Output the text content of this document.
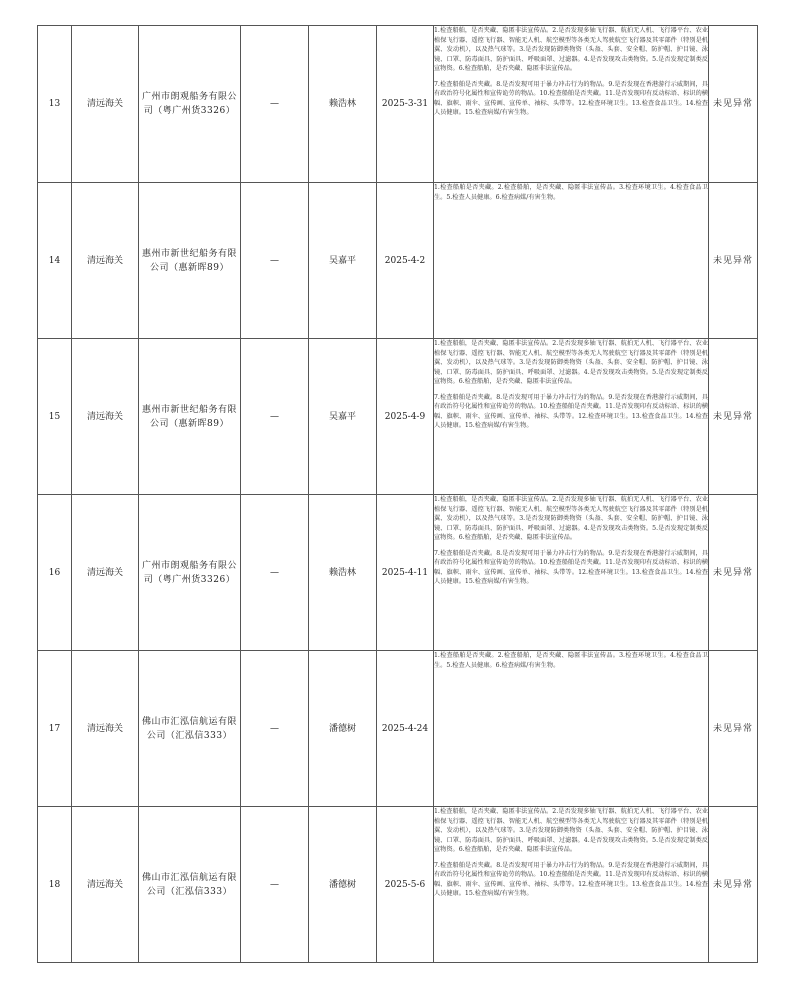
13	清远海关	广州市朗观船务有限公司（粤广州货3326）	—	赖浩林	2025-3-31	1.检查船舶，是否夹藏、隐匿非法宣传品。2.是否发现多轴飞行器、航拍无人机、飞行器平台、农业植保飞行器、遥控飞行器、智能无人机、航空模型等各类无人驾驶航空飞行器及其零部件（特别是机翼、发动机），以及热气球等。3.是否发现防御类物资（头盔、头套、安全帽、防护帽、护目镜、泳镜、口罩、防毒面具、防护面具、呼吸面罩、过滤器。4.是否发现攻击类物资。5.是否发现定制类反宣物资。6.检查船舶，是否夹藏、隐匿非法宣传品。
7.检查船舶是否夹藏。8.是否发现可用于暴力冲击行为的物品。9.是否发现在香港游行示威期间，具有政治符号化属性和宣传诡劳的物品。10.检查船舶是否夹藏。11.是否发现印有反动标语、标识的横幅、旗帜、雨伞、宣传画、宣传单、袖标、头带等。12.检查环境卫生。13.检查食品卫生。14.检查人员健康。15.检查病媒/有害生物。	未见异常
14	清远海关	惠州市新世纪船务有限公司（惠新晖89）	—	吴嘉平	2025-4-2	1.检查船舶是否夹藏。2.检查船舶，是否夹藏、隐匿非法宣传品。3.检查环境卫生。4.检查食品卫生。5.检查人员健康。6.检查病媒/有害生物。	未见异常
15	清远海关	惠州市新世纪船务有限公司（惠新晖89）	—	吴嘉平	2025-4-9	1.检查船舶，是否夹藏、隐匿非法宣传品。2.是否发现多轴飞行器、航拍无人机、飞行器平台、农业植保飞行器、遥控飞行器、智能无人机、航空模型等各类无人驾驶航空飞行器及其零部件（特别是机翼、发动机），以及热气球等。3.是否发现防御类物资（头盔、头套、安全帽、防护帽、护目镜、泳镜、口罩、防毒面具、防护面具、呼吸面罩、过滤器。4.是否发现攻击类物资。5.是否发现定制类反宣物资。6.检查船舶，是否夹藏、隐匿非法宣传品。
7.检查船舶是否夹藏。8.是否发现可用于暴力冲击行为的物品。9.是否发现在香港游行示威期间，具有政治符号化属性和宣传诡劳的物品。10.检查船舶是否夹藏。11.是否发现印有反动标语、标识的横幅、旗帜、雨伞、宣传画、宣传单、袖标、头带等。12.检查环境卫生。13.检查食品卫生。14.检查人员健康。15.检查病媒/有害生物。	未见异常
16	清远海关	广州市朗观船务有限公司（粤广州货3326）	—	赖浩林	2025-4-11	1.检查船舶，是否夹藏、隐匿非法宣传品。2.是否发现多轴飞行器、航拍无人机、飞行器平台、农业植保飞行器、遥控飞行器、智能无人机、航空模型等各类无人驾驶航空飞行器及其零部件（特别是机翼、发动机），以及热气球等。3.是否发现防御类物资（头盔、头套、安全帽、防护帽、护目镜、泳镜、口罩、防毒面具、防护面具、呼吸面罩、过滤器。4.是否发现攻击类物资。5.是否发现定制类反宣物资。6.检查船舶，是否夹藏、隐匿非法宣传品。
7.检查船舶是否夹藏。8.是否发现可用于暴力冲击行为的物品。9.是否发现在香港游行示威期间，具有政治符号化属性和宣传诡劳的物品。10.检查船舶是否夹藏。11.是否发现印有反动标语、标识的横幅、旗帜、雨伞、宣传画、宣传单、袖标、头带等。12.检查环境卫生。13.检查食品卫生。14.检查人员健康。15.检查病媒/有害生物。	未见异常
17	清远海关	佛山市汇泓信航运有限公司（汇泓信333）	—	潘德树	2025-4-24	1.检查船舶是否夹藏。2.检查船舶，是否夹藏、隐匿非法宣传品。3.检查环境卫生。4.检查食品卫生。5.检查人员健康。6.检查病媒/有害生物。	未见异常
18	清远海关	佛山市汇泓信航运有限公司（汇泓信333）	—	潘德树	2025-5-6	1.检查船舶，是否夹藏、隐匿非法宣传品。2.是否发现多轴飞行器、航拍无人机、飞行器平台、农业植保飞行器、遥控飞行器、智能无人机、航空模型等各类无人驾驶航空飞行器及其零部件（特别是机翼、发动机），以及热气球等。3.是否发现防御类物资（头盔、头套、安全帽、防护帽、护目镜、泳镜、口罩、防毒面具、防护面具、呼吸面罩、过滤器。4.是否发现攻击类物资。5.是否发现定制类反宣物资。6.检查船舶，是否夹藏、隐匿非法宣传品。
7.检查船舶是否夹藏。8.是否发现可用于暴力冲击行为的物品。9.是否发现在香港游行示威期间，具有政治符号化属性和宣传诡劳的物品。10.检查船舶是否夹藏。11.是否发现印有反动标语、标识的横幅、旗帜、雨伞、宣传画、宣传单、袖标、头带等。12.检查环境卫生。13.检查食品卫生。14.检查人员健康。15.检查病媒/有害生物。	未见异常
